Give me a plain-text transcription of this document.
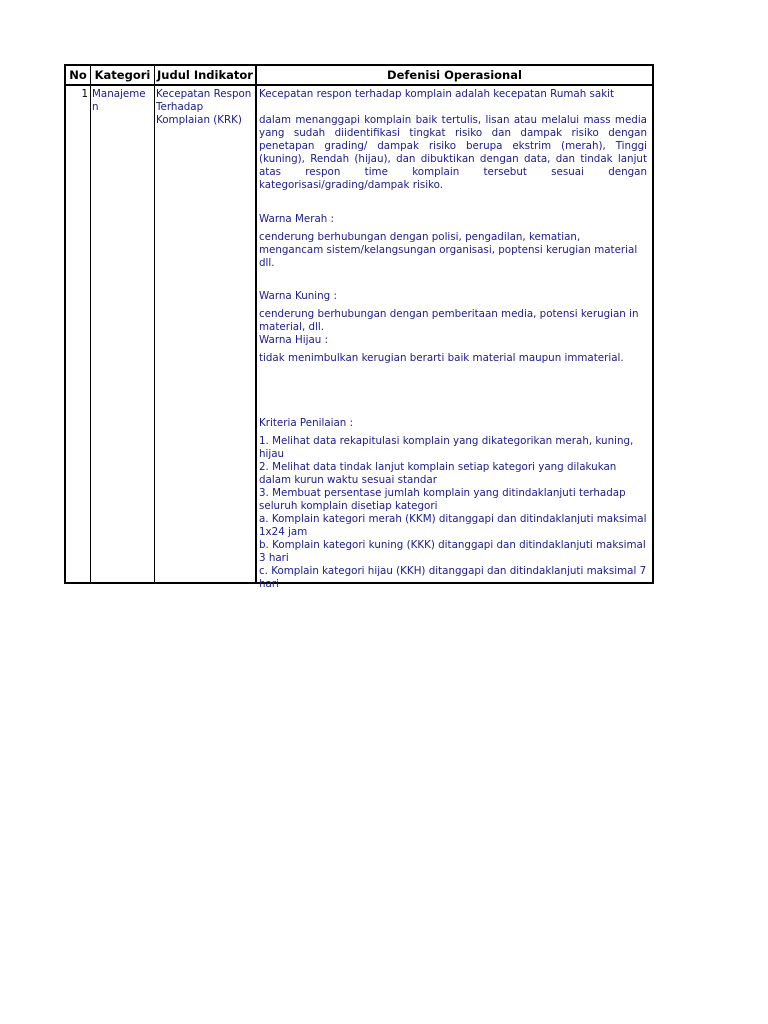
No Kategori Judul Indikator	Defenisi Operasional
1 Manajemen
Kecepatan Respon Terhadap Komplaian (KRK)

Kecepatan respon terhadap komplain adalah kecepatan Rumah sakit

dalam menanggapi komplain baik tertulis, lisan atau melalui mass media yang sudah diidentifikasi tingkat risiko dan dampak risiko dengan penetapan grading/ dampak risiko berupa ekstrim (merah), Tinggi (kuning), Rendah (hijau), dan dibuktikan dengan data, dan tindak lanjut atas respon time komplain tersebut sesuai dengan kategorisasi/grading/dampak risiko.

Warna Merah :

cenderung berhubungan dengan polisi, pengadilan, kematian, mengancam sistem/kelangsungan organisasi, poptensi kerugian material dll.

Warna Kuning :

cenderung berhubungan dengan pemberitaan media, potensi kerugian in material, dll.

Warna Hijau :

tidak menimbulkan kerugian berarti baik material maupun immaterial.

Kriteria Penilaian :

1. Melihat data rekapitulasi komplain yang dikategorikan merah, kuning, hijau

2. Melihat data tindak lanjut komplain setiap kategori yang dilakukan dalam kurun waktu sesuai standar

3. Membuat persentase jumlah komplain yang ditindaklanjuti terhadap seluruh komplain disetiap kategori

a. Komplain kategori merah (KKM) ditanggapi dan ditindaklanjuti maksimal 1x24 jam

b. Komplain kategori kuning (KKK) ditanggapi dan ditindaklanjuti maksimal 3 hari

c. Komplain kategori hijau (KKH) ditanggapi dan ditindaklanjuti maksimal 7 hari
